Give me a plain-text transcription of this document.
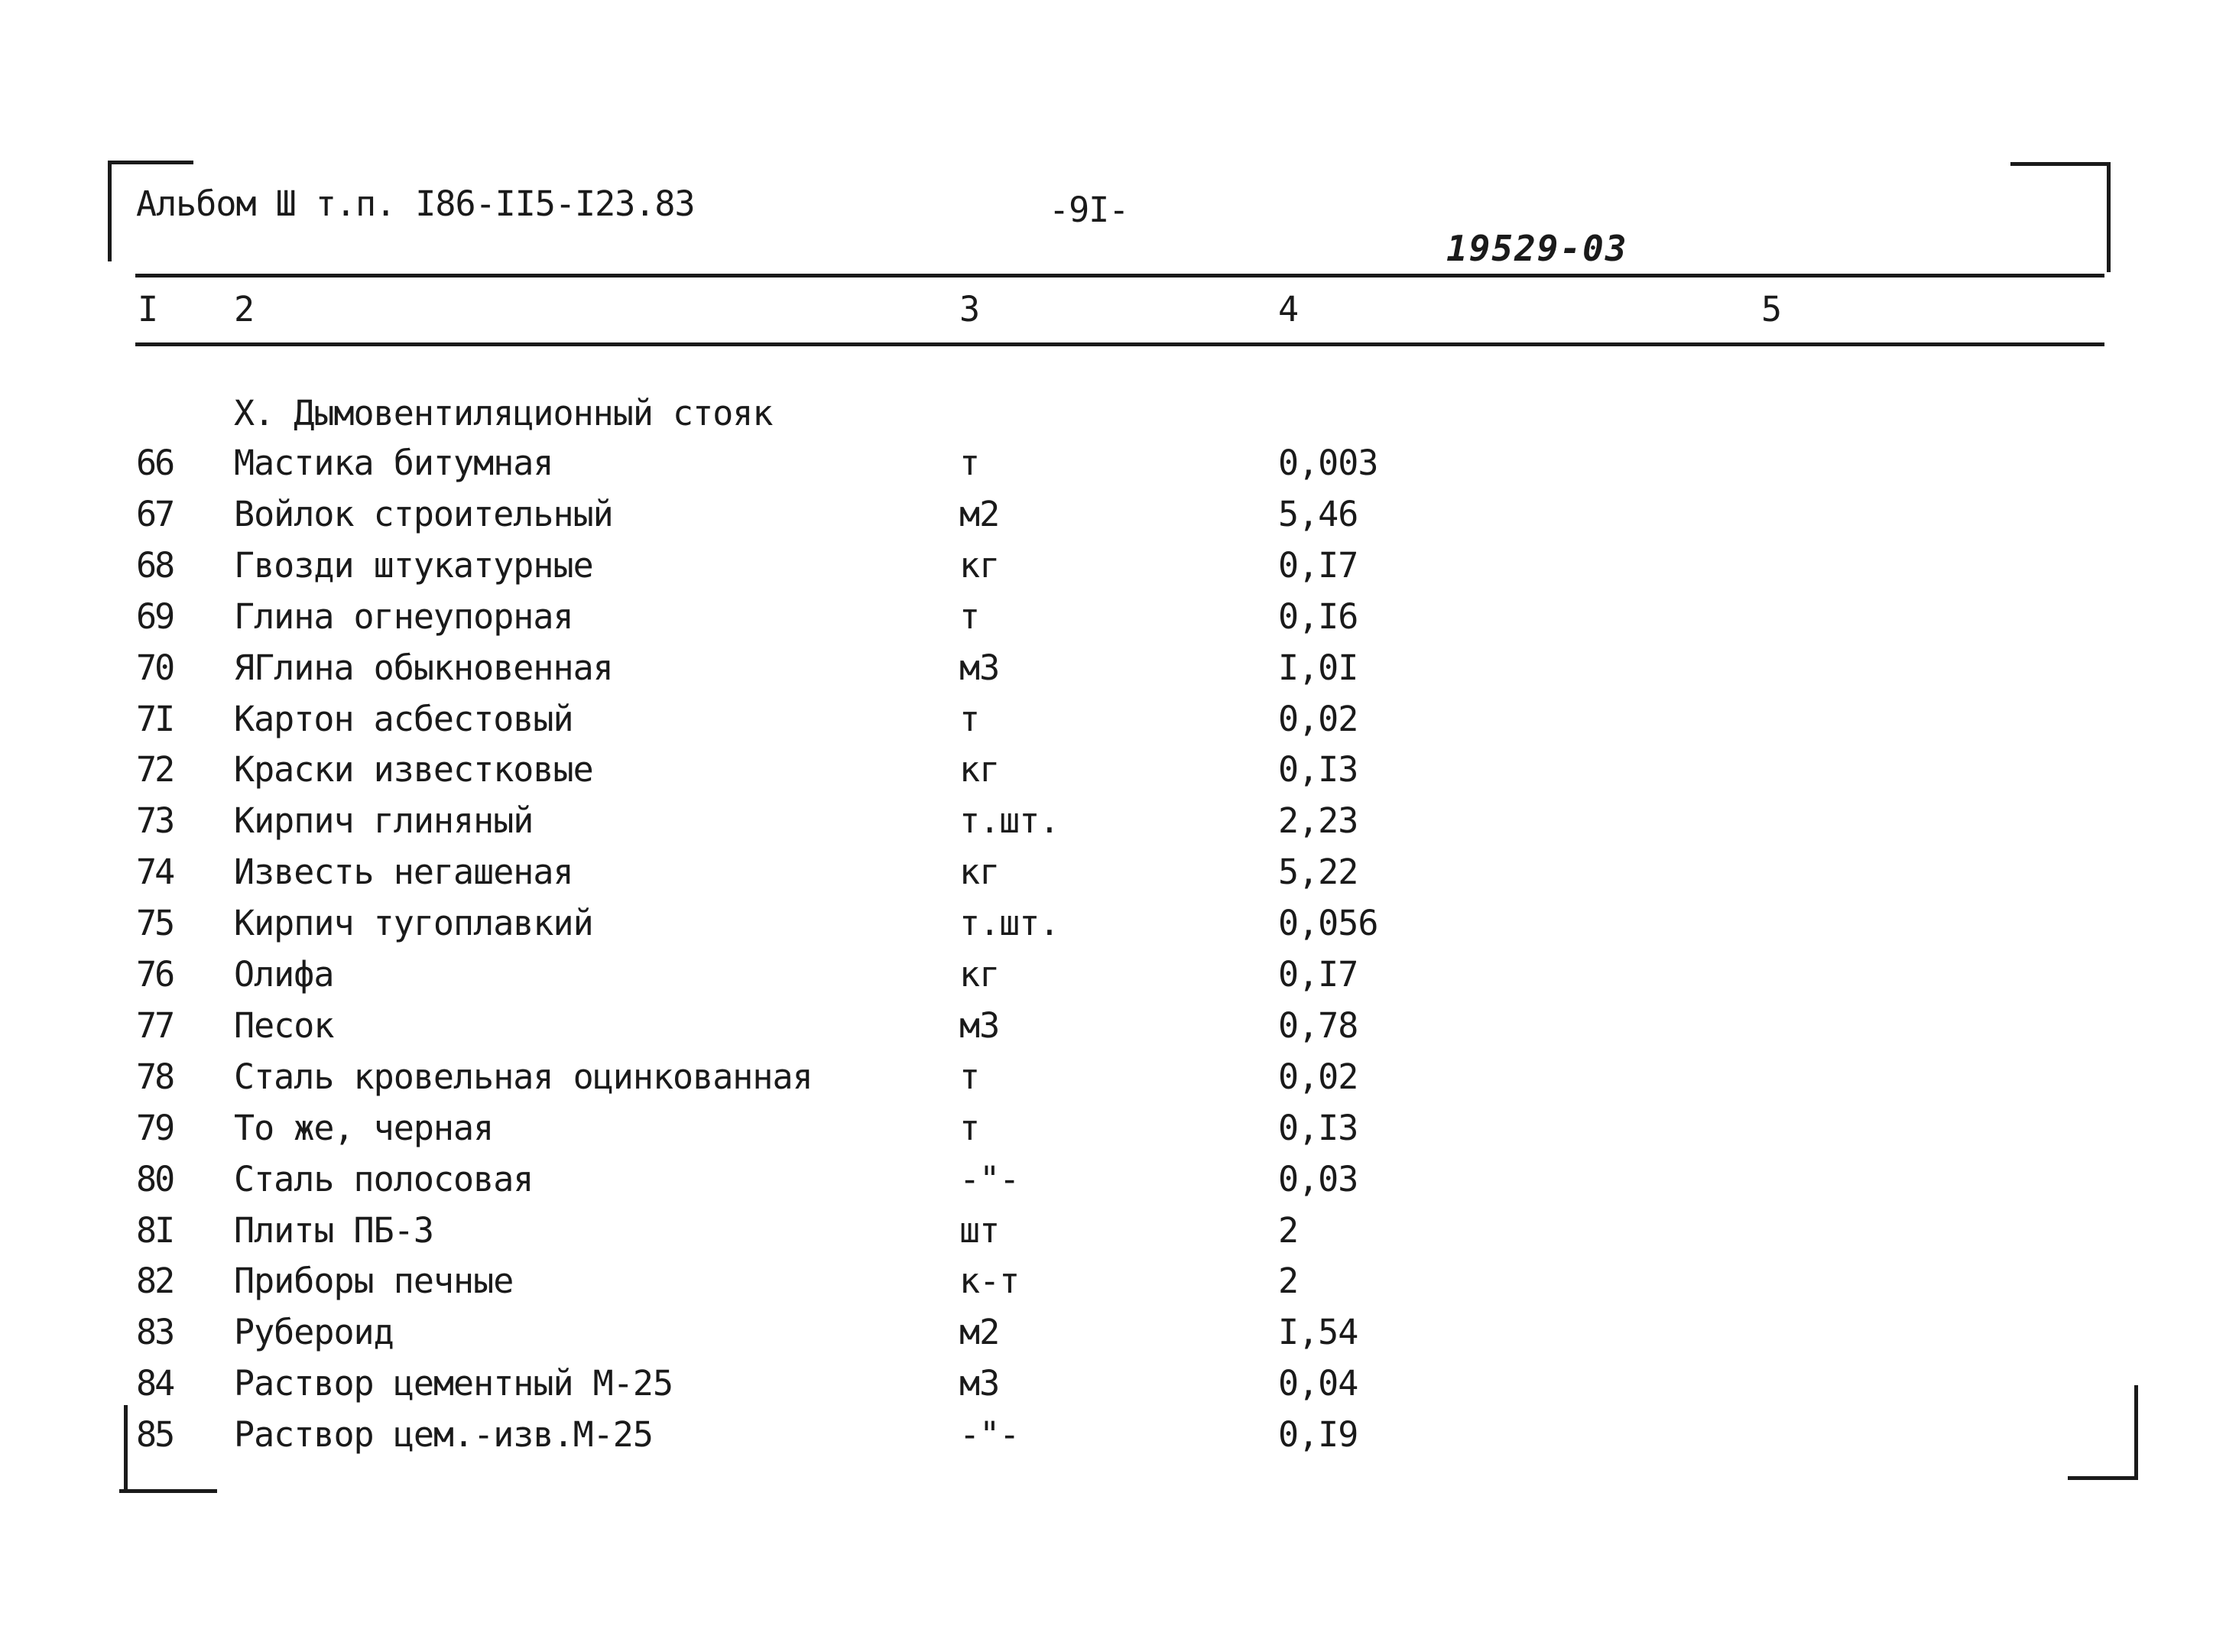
Альбом Ш т.п. I86-II5-I23.83	-9I-
19529-03
I 2	3	4	5
Х. Дымовентиляционный стояк
66 Мастика битумная	т	0,003
67 Войлок строительный	м2	5,46
68 Гвозди штукатурные	кг	0,I7
69 Глина огнеупорная	т	0,I6
70 ЯГлина обыкновенная	м3	I,0I
7I Картон асбестовый	т	0,02
72 Краски известковые	кг	0,I3
73 Кирпич глиняный	т.шт.	2,23
74 Известь негашеная	кг	5,22
75 Кирпич тугоплавкий	т.шт.	0,056
76 Олифа	кг	0,I7
77 Песок	м3	0,78
78 Сталь кровельная оцинкованная	т	0,02
79 То же, черная	т	0,I3
80 Сталь полосовая	-"-	0,03
8I Плиты ПБ-3	шт	2
82 Приборы печные	к-т	2
83 Рубероид	м2	I,54
84 Раствор цементный М-25	м3	0,04
85 Раствор цем.-изв.М-25	-"-	0,I9
